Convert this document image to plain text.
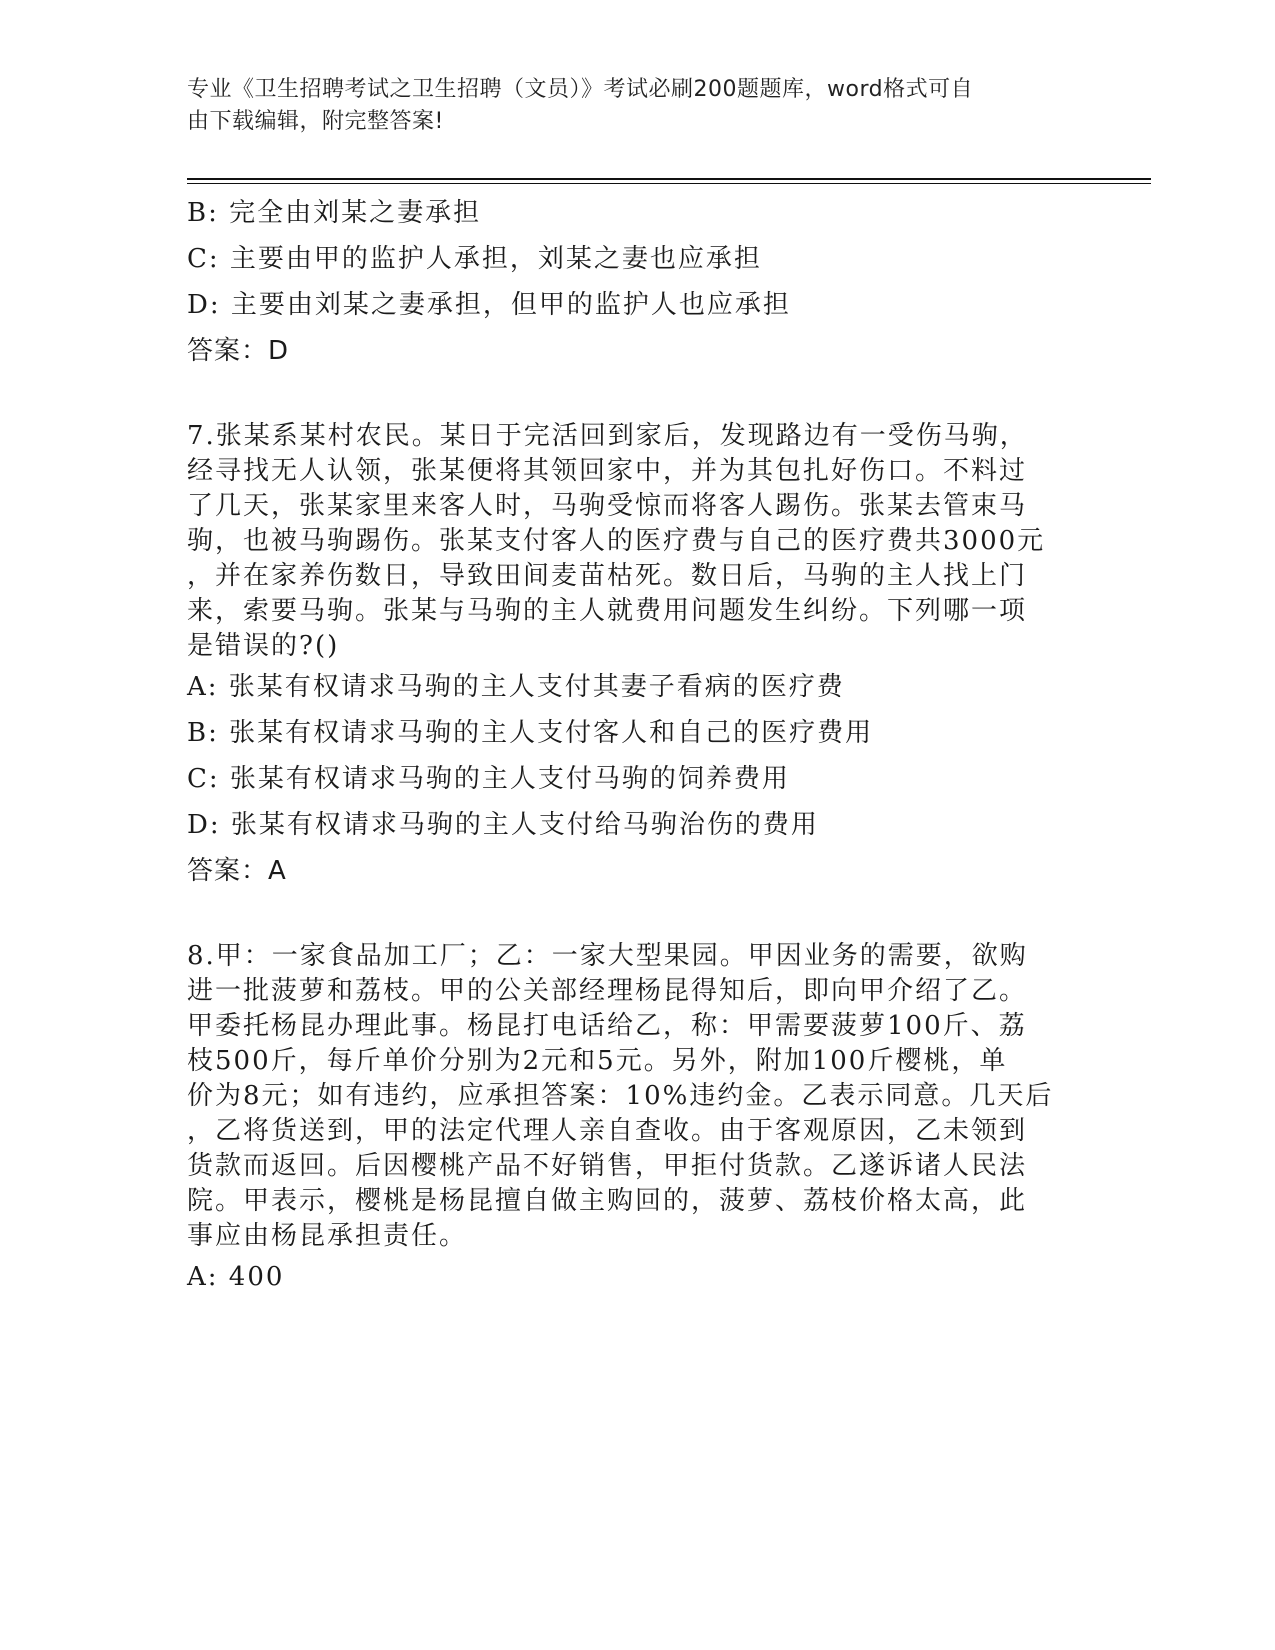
专业《卫生招聘考试之卫生招聘（文员）》考试必刷200题题库，word格式可自
由下载编辑，附完整答案!
B: 完全由刘某之妻承担
C: 主要由甲的监护人承担，刘某之妻也应承担
D: 主要由刘某之妻承担，但甲的监护人也应承担
答案：D
7.张某系某村农民。某日于完活回到家后，发现路边有一受伤马驹，
经寻找无人认领，张某便将其领回家中，并为其包扎好伤口。不料过
了几天，张某家里来客人时，马驹受惊而将客人踢伤。张某去管束马
驹，也被马驹踢伤。张某支付客人的医疗费与自己的医疗费共3000元
，并在家养伤数日，导致田间麦苗枯死。数日后，马驹的主人找上门
来，索要马驹。张某与马驹的主人就费用问题发生纠纷。下列哪一项
是错误的?()
A: 张某有权请求马驹的主人支付其妻子看病的医疗费
B: 张某有权请求马驹的主人支付客人和自己的医疗费用
C: 张某有权请求马驹的主人支付马驹的饲养费用
D: 张某有权请求马驹的主人支付给马驹治伤的费用
答案：A
8.甲：一家食品加工厂；乙：一家大型果园。甲因业务的需要，欲购
进一批菠萝和荔枝。甲的公关部经理杨昆得知后，即向甲介绍了乙。
甲委托杨昆办理此事。杨昆打电话给乙，称：甲需要菠萝100斤、荔
枝500斤，每斤单价分别为2元和5元。另外，附加100斤樱桃，单
价为8元；如有违约，应承担答案：10%违约金。乙表示同意。几天后
，乙将货送到，甲的法定代理人亲自查收。由于客观原因，乙未领到
货款而返回。后因樱桃产品不好销售，甲拒付货款。乙遂诉诸人民法
院。甲表示，樱桃是杨昆擅自做主购回的，菠萝、荔枝价格太高，此
事应由杨昆承担责任。
A: 400
